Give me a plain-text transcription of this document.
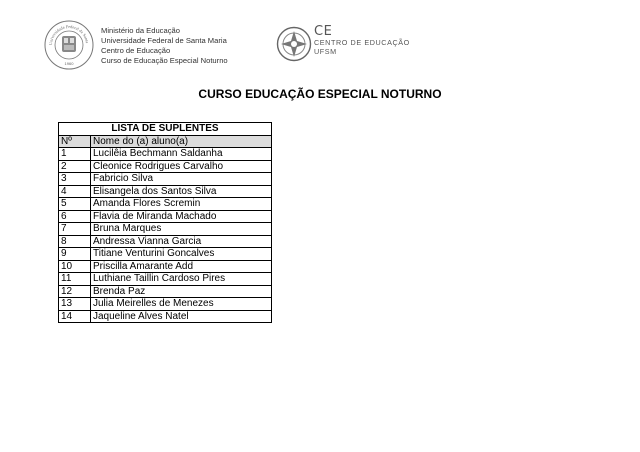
Universidade Federal de Santa
1960
Ministério da Educação
Universidade Federal de Santa Maria
Centro de Educação
Curso de Educação Especial Noturno
CE
CENTRO DE EDUCAÇÃO
UFSM
CURSO EDUCAÇÃO ESPECIAL NOTURNO
LISTA DE SUPLENTES	
Nº	Nome do (a) aluno(a)
1	Lucilêia Bechmann Saldanha
2	Cleonice Rodrigues Carvalho
3	Fabricio Silva
4	Elisangela dos Santos Silva
5	Amanda Flores Scremin
6	Flavia de Miranda Machado
7	Bruna Marques
8	Andressa Vianna Garcia
9	Titiane Venturini Goncalves
10	Priscilla Amarante Add
11	Luthiane Taillin Cardoso Pires
12	Brenda Paz
13	Julia Meirelles de Menezes
14	Jaqueline Alves Natel
